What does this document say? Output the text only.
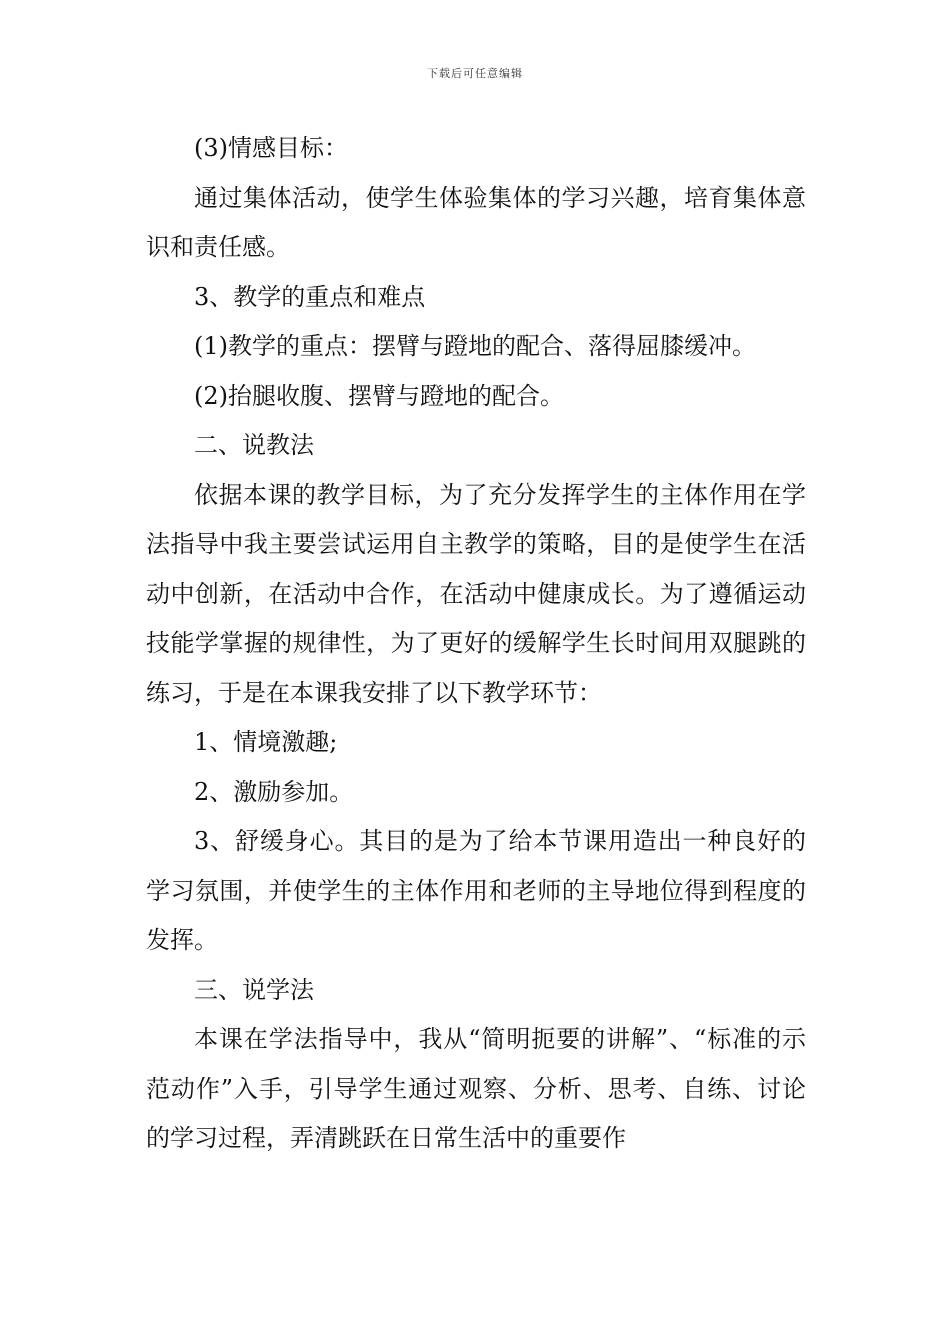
下载后可任意编辑

(3)情感目标：

通过集体活动，使学生体验集体的学习兴趣，培育集体意识和责任感。

3、教学的重点和难点

(1)教学的重点：摆臂与蹬地的配合、落得屈膝缓冲。

(2)抬腿收腹、摆臂与蹬地的配合。

二、说教法

依据本课的教学目标，为了充分发挥学生的主体作用在学法指导中我主要尝试运用自主教学的策略，目的是使学生在活动中创新，在活动中合作，在活动中健康成长。为了遵循运动技能学掌握的规律性，为了更好的缓解学生长时间用双腿跳的练习，于是在本课我安排了以下教学环节：

1、情境激趣;

2、激励参加。

3、舒缓身心。其目的是为了给本节课用造出一种良好的学习氛围，并使学生的主体作用和老师的主导地位得到程度的发挥。

三、说学法

本课在学法指导中，我从“简明扼要的讲解”、“标准的示范动作”入手，引导学生通过观察、分析、思考、自练、讨论的学习过程，弄清跳跃在日常生活中的重要作
